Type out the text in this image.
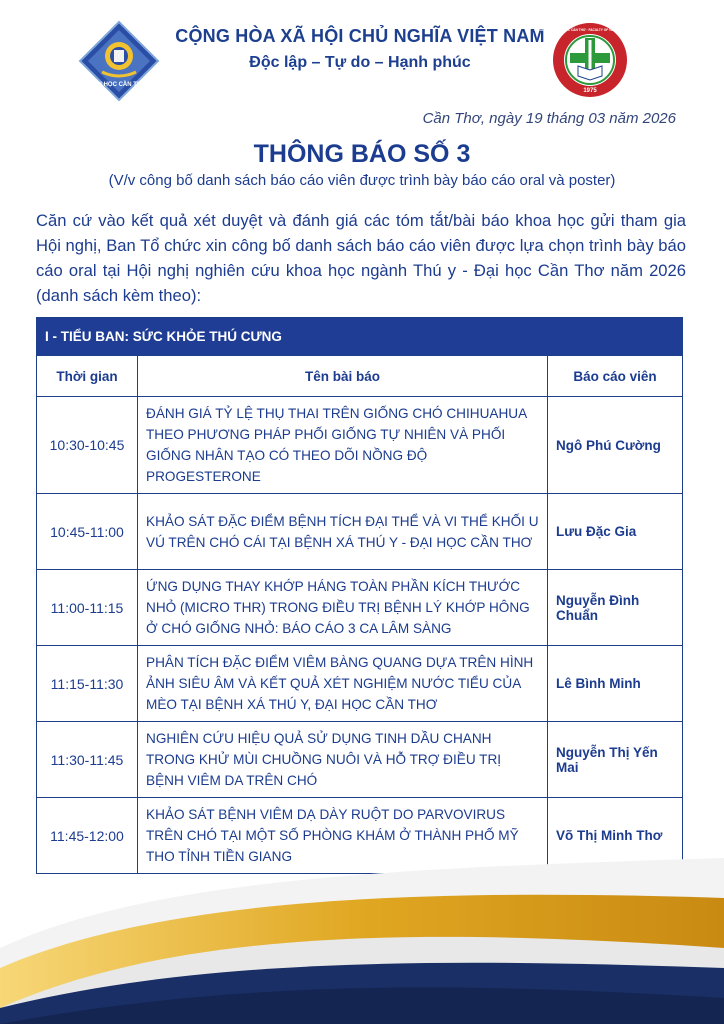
ĐẠI HỌC CẦN THƠ
CỘNG HÒA XÃ HỘI CHỦ NGHĨA VIỆT NAM
Độc lập – Tự do – Hạnh phúc
1975
KHOA THÚ Y · ĐẠI HỌC CẦN THƠ · FACULTY OF VETERINARY MEDICINE
Cần Thơ, ngày 19 tháng 03 năm 2026
THÔNG BÁO SỐ 3
(V/v công bố danh sách báo cáo viên được trình bày báo cáo oral và poster)
Căn cứ vào kết quả xét duyệt và đánh giá các tóm tắt/bài báo khoa học gửi tham gia Hội nghị, Ban Tổ chức xin công bố danh sách báo cáo viên được lựa chọn trình bày báo cáo oral tại Hội nghị nghiên cứu khoa học ngành Thú y - Đại học Cần Thơ năm 2026 (danh sách kèm theo):
I - TIỂU BAN: SỨC KHỎE THÚ CƯNG		
Thời gian	Tên bài báo	Báo cáo viên
10:30-10:45	ĐÁNH GIÁ TỶ LỆ THỤ THAI TRÊN GIỐNG CHÓ CHIHUAHUA THEO PHƯƠNG PHÁP PHỐI GIỐNG TỰ NHIÊN VÀ PHỐI GIỐNG NHÂN TẠO CÓ THEO DÕI NỒNG ĐỘ PROGESTERONE	Ngô Phú Cường
10:45-11:00	KHẢO SÁT ĐẶC ĐIỂM BỆNH TÍCH ĐẠI THỂ VÀ VI THỂ KHỐI U VÚ TRÊN CHÓ CÁI TẠI BỆNH XÁ THÚ Y - ĐẠI HỌC CẦN THƠ	Lưu Đặc Gia
11:00-11:15	ỨNG DỤNG THAY KHỚP HÁNG TOÀN PHẦN KÍCH THƯỚC NHỎ (MICRO THR) TRONG ĐIỀU TRỊ BỆNH LÝ KHỚP HÔNG Ở CHÓ GIỐNG NHỎ: BÁO CÁO 3 CA LÂM SÀNG	Nguyễn Đình Chuẩn
11:15-11:30	PHÂN TÍCH ĐẶC ĐIỂM VIÊM BÀNG QUANG DỰA TRÊN HÌNH ẢNH SIÊU ÂM VÀ KẾT QUẢ XÉT NGHIỆM NƯỚC TIỂU CỦA MÈO TẠI BỆNH XÁ THÚ Y, ĐẠI HỌC CẦN THƠ	Lê Bình Minh
11:30-11:45	NGHIÊN CỨU HIỆU QUẢ SỬ DỤNG TINH DẦU CHANH TRONG KHỬ MÙI CHUỒNG NUÔI VÀ HỖ TRỢ ĐIỀU TRỊ BỆNH VIÊM DA TRÊN CHÓ	Nguyễn Thị Yến Mai
11:45-12:00	KHẢO SÁT BỆNH VIÊM DẠ DÀY RUỘT DO PARVOVIRUS TRÊN CHÓ TẠI MỘT SỐ PHÒNG KHÁM Ở THÀNH PHỐ MỸ THO TỈNH TIỀN GIANG	Võ Thị Minh Thơ
